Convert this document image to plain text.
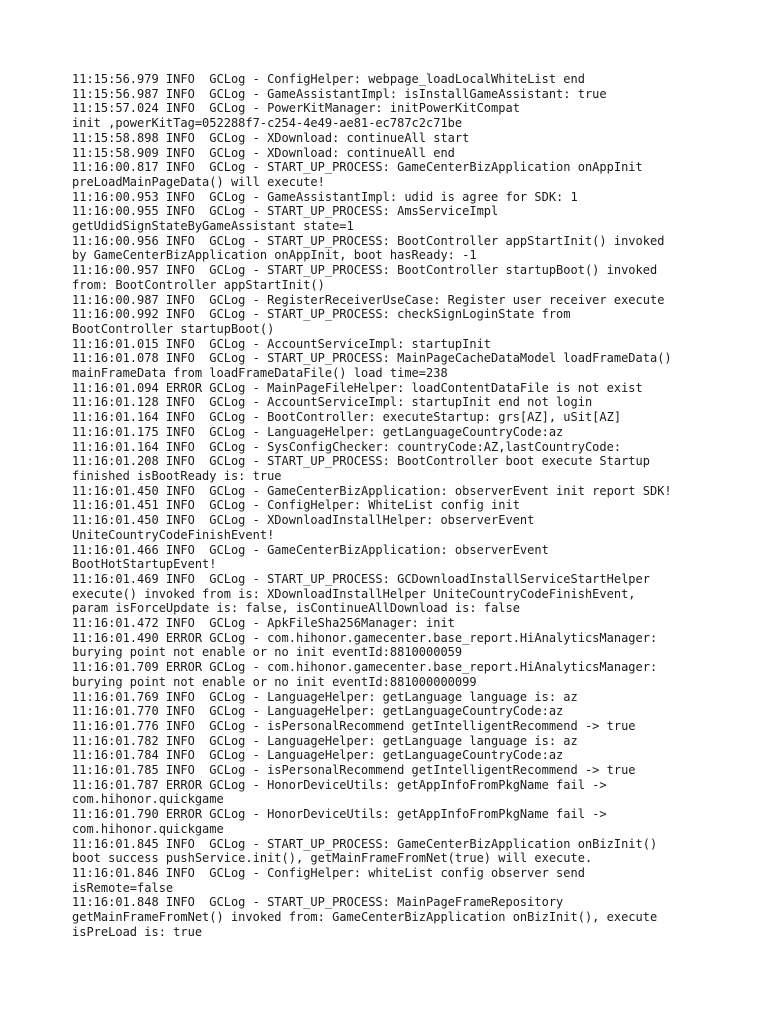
11:15:56.979 INFO  GCLog - ConfigHelper: webpage_loadLocalWhiteList end
11:15:56.987 INFO  GCLog - GameAssistantImpl: isInstallGameAssistant: true
11:15:57.024 INFO  GCLog - PowerKitManager: initPowerKitCompat
init ,powerKitTag=052288f7-c254-4e49-ae81-ec787c2c71be
11:15:58.898 INFO  GCLog - XDownload: continueAll start
11:15:58.909 INFO  GCLog - XDownload: continueAll end
11:16:00.817 INFO  GCLog - START_UP_PROCESS: GameCenterBizApplication onAppInit
preLoadMainPageData() will execute!
11:16:00.953 INFO  GCLog - GameAssistantImpl: udid is agree for SDK: 1
11:16:00.955 INFO  GCLog - START_UP_PROCESS: AmsServiceImpl
getUdidSignStateByGameAssistant state=1
11:16:00.956 INFO  GCLog - START_UP_PROCESS: BootController appStartInit() invoked
by GameCenterBizApplication onAppInit, boot hasReady: -1
11:16:00.957 INFO  GCLog - START_UP_PROCESS: BootController startupBoot() invoked
from: BootController appStartInit()
11:16:00.987 INFO  GCLog - RegisterReceiverUseCase: Register user receiver execute
11:16:00.992 INFO  GCLog - START_UP_PROCESS: checkSignLoginState from
BootController startupBoot()
11:16:01.015 INFO  GCLog - AccountServiceImpl: startupInit
11:16:01.078 INFO  GCLog - START_UP_PROCESS: MainPageCacheDataModel loadFrameData()
mainFrameData from loadFrameDataFile() load time=238
11:16:01.094 ERROR GCLog - MainPageFileHelper: loadContentDataFile is not exist
11:16:01.128 INFO  GCLog - AccountServiceImpl: startupInit end not login
11:16:01.164 INFO  GCLog - BootController: executeStartup: grs[AZ], uSit[AZ]
11:16:01.175 INFO  GCLog - LanguageHelper: getLanguageCountryCode:az
11:16:01.164 INFO  GCLog - SysConfigChecker: countryCode:AZ,lastCountryCode:
11:16:01.208 INFO  GCLog - START_UP_PROCESS: BootController boot execute Startup
finished isBootReady is: true
11:16:01.450 INFO  GCLog - GameCenterBizApplication: observerEvent init report SDK!
11:16:01.451 INFO  GCLog - ConfigHelper: WhiteList config init
11:16:01.450 INFO  GCLog - XDownloadInstallHelper: observerEvent
UniteCountryCodeFinishEvent!
11:16:01.466 INFO  GCLog - GameCenterBizApplication: observerEvent
BootHotStartupEvent!
11:16:01.469 INFO  GCLog - START_UP_PROCESS: GCDownloadInstallServiceStartHelper
execute() invoked from is: XDownloadInstallHelper UniteCountryCodeFinishEvent,
param isForceUpdate is: false, isContinueAllDownload is: false
11:16:01.472 INFO  GCLog - ApkFileSha256Manager: init
11:16:01.490 ERROR GCLog - com.hihonor.gamecenter.base_report.HiAnalyticsManager:
burying point not enable or no init eventId:8810000059
11:16:01.709 ERROR GCLog - com.hihonor.gamecenter.base_report.HiAnalyticsManager:
burying point not enable or no init eventId:881000000099
11:16:01.769 INFO  GCLog - LanguageHelper: getLanguage language is: az
11:16:01.770 INFO  GCLog - LanguageHelper: getLanguageCountryCode:az
11:16:01.776 INFO  GCLog - isPersonalRecommend getIntelligentRecommend -> true
11:16:01.782 INFO  GCLog - LanguageHelper: getLanguage language is: az
11:16:01.784 INFO  GCLog - LanguageHelper: getLanguageCountryCode:az
11:16:01.785 INFO  GCLog - isPersonalRecommend getIntelligentRecommend -> true
11:16:01.787 ERROR GCLog - HonorDeviceUtils: getAppInfoFromPkgName fail ->
com.hihonor.quickgame
11:16:01.790 ERROR GCLog - HonorDeviceUtils: getAppInfoFromPkgName fail ->
com.hihonor.quickgame
11:16:01.845 INFO  GCLog - START_UP_PROCESS: GameCenterBizApplication onBizInit()
boot success pushService.init(), getMainFrameFromNet(true) will execute.
11:16:01.846 INFO  GCLog - ConfigHelper: whiteList config observer send
isRemote=false
11:16:01.848 INFO  GCLog - START_UP_PROCESS: MainPageFrameRepository
getMainFrameFromNet() invoked from: GameCenterBizApplication onBizInit(), execute
isPreLoad is: true
